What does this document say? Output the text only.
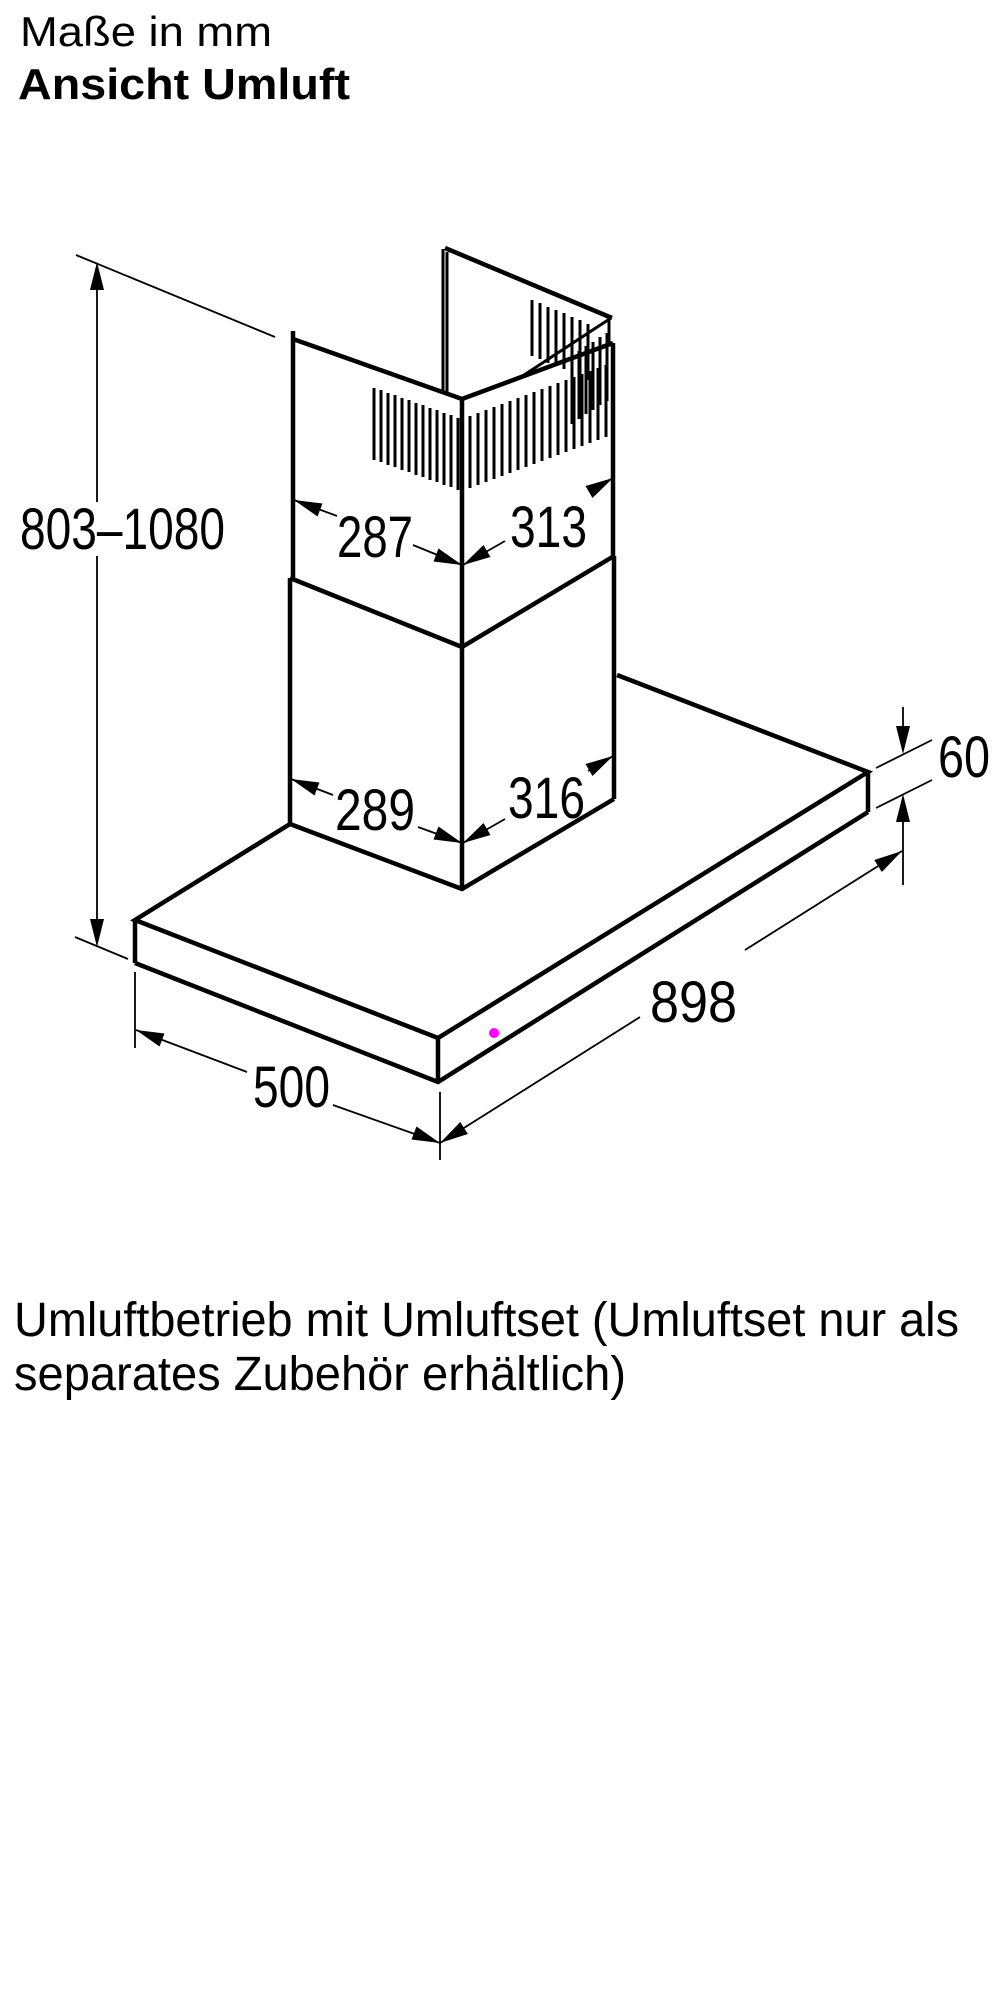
Maße in mm
Ansicht Umluft
803–1080 287 313
289 316
60
898
500
Umluftbetrieb mit Umluftset (Umluftset nur als
separates Zubehör erhältlich)
